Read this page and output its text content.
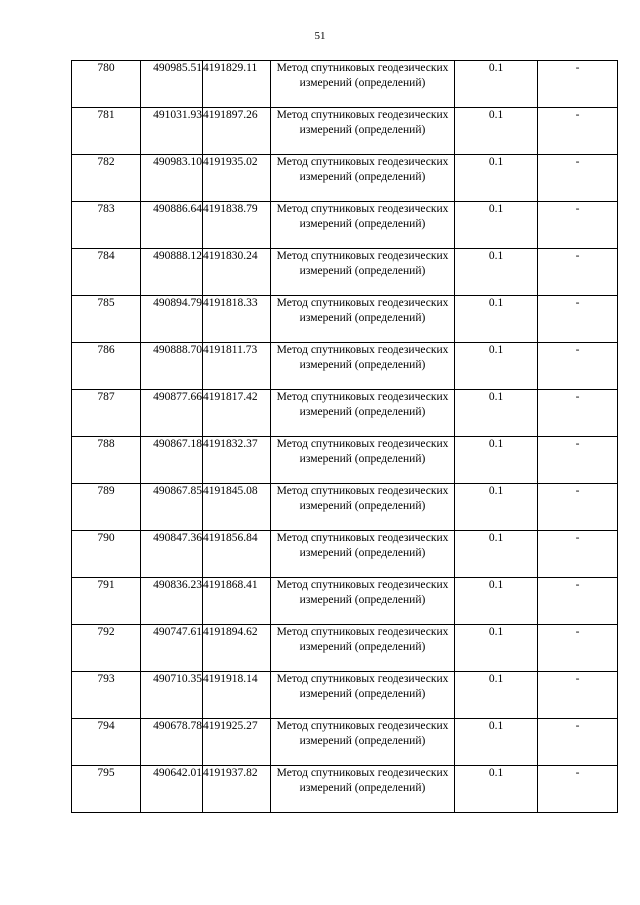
51
780	490985.51	4191829.11	Метод спутниковых геодезических измерений (определений)	0.1	-
781	491031.93	4191897.26	Метод спутниковых геодезических измерений (определений)	0.1	-
782	490983.10	4191935.02	Метод спутниковых геодезических измерений (определений)	0.1	-
783	490886.64	4191838.79	Метод спутниковых геодезических измерений (определений)	0.1	-
784	490888.12	4191830.24	Метод спутниковых геодезических измерений (определений)	0.1	-
785	490894.79	4191818.33	Метод спутниковых геодезических измерений (определений)	0.1	-
786	490888.70	4191811.73	Метод спутниковых геодезических измерений (определений)	0.1	-
787	490877.66	4191817.42	Метод спутниковых геодезических измерений (определений)	0.1	-
788	490867.18	4191832.37	Метод спутниковых геодезических измерений (определений)	0.1	-
789	490867.85	4191845.08	Метод спутниковых геодезических измерений (определений)	0.1	-
790	490847.36	4191856.84	Метод спутниковых геодезических измерений (определений)	0.1	-
791	490836.23	4191868.41	Метод спутниковых геодезических измерений (определений)	0.1	-
792	490747.61	4191894.62	Метод спутниковых геодезических измерений (определений)	0.1	-
793	490710.35	4191918.14	Метод спутниковых геодезических измерений (определений)	0.1	-
794	490678.78	4191925.27	Метод спутниковых геодезических измерений (определений)	0.1	-
795	490642.01	4191937.82	Метод спутниковых геодезических измерений (определений)	0.1	-
